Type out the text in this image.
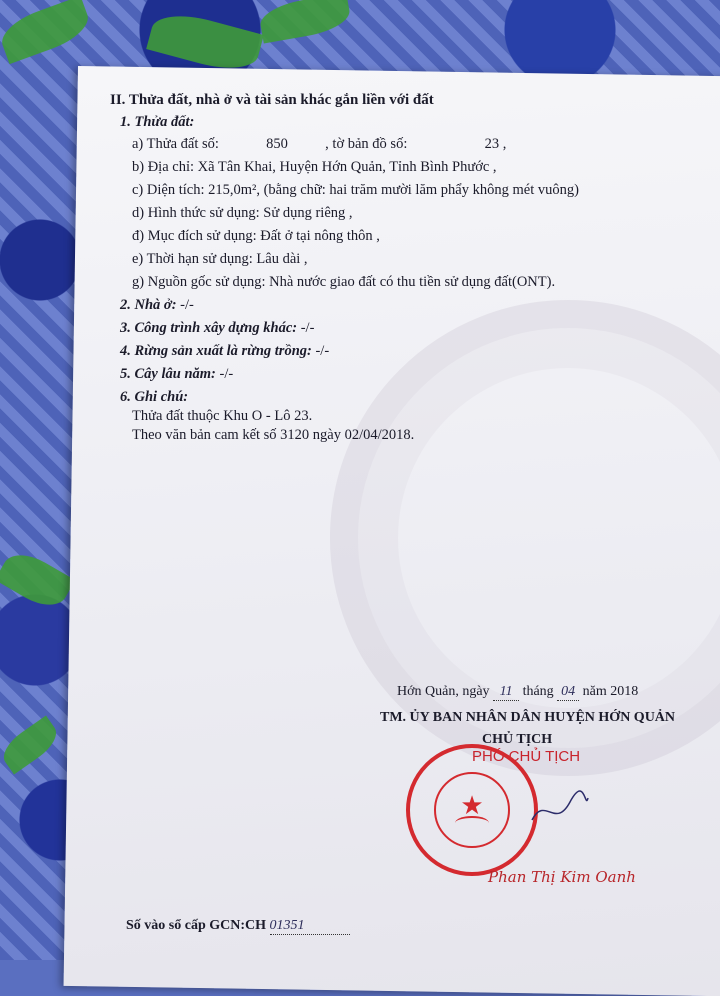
II. Thửa đất, nhà ở và tài sản khác gắn liền với đất
1. Thửa đất:
a) Thửa đất số:	850	, tờ bản đồ số:	23 ,
b) Địa chỉ: Xã Tân Khai, Huyện Hớn Quản, Tỉnh Bình Phước ,
c) Diện tích: 215,0m², (bằng chữ: hai trăm mười lăm phẩy không mét vuông)
d) Hình thức sử dụng: Sử dụng riêng ,
đ) Mục đích sử dụng: Đất ở tại nông thôn ,
e) Thời hạn sử dụng: Lâu dài ,
g) Nguồn gốc sử dụng: Nhà nước giao đất có thu tiền sử dụng đất(ONT).
2. Nhà ở: -/-
3. Công trình xây dựng khác: -/-
4. Rừng sản xuất là rừng trồng: -/-
5. Cây lâu năm: -/-
6. Ghi chú:
Thửa đất thuộc Khu O - Lô 23.
Theo văn bản cam kết số 3120 ngày 02/04/2018.
Hớn Quản, ngày 11 tháng 04 năm 2018
TM. ỦY BAN NHÂN DÂN HUYỆN HỚN QUẢN
CHỦ TỊCH
PHÓ CHỦ TỊCH
Số vào sổ cấp GCN:CH 01351
★
Phan Thị Kim Oanh
